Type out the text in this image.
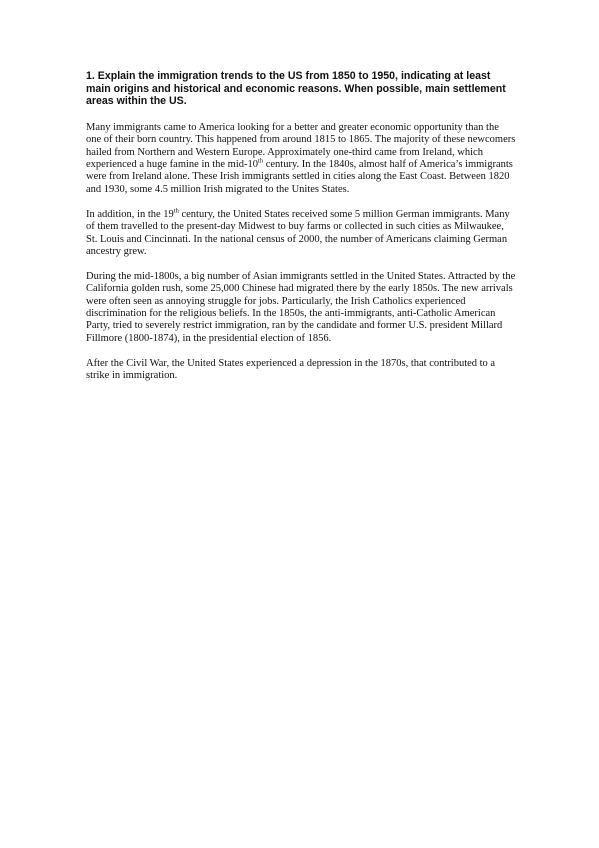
1. Explain the immigration trends to the US from 1850 to 1950, indicating at least main origins and historical and economic reasons. When possible, main settlement areas within the US.

Many immigrants came to America looking for a better and greater economic opportunity than the one of their born country. This happened from around 1815 to 1865. The majority of these newcomers hailed from Northern and Western Europe. Approximately one-third came from Ireland, which experienced a huge famine in the mid-10th century. In the 1840s, almost half of America’s immigrants were from Ireland alone. These Irish immigrants settled in cities along the East Coast. Between 1820 and 1930, some 4.5 million Irish migrated to the Unites States.

In addition, in the 19th century, the United States received some 5 million German immigrants. Many of them travelled to the present-day Midwest to buy farms or collected in such cities as Milwaukee, St. Louis and Cincinnati. In the national census of 2000, the number of Americans claiming German ancestry grew.

During the mid-1800s, a big number of Asian immigrants settled in the United States. Attracted by the California golden rush, some 25,000 Chinese had migrated there by the early 1850s. The new arrivals were often seen as annoying struggle for jobs. Particularly, the Irish Catholics experienced discrimination for the religious beliefs. In the 1850s, the anti-immigrants, anti-Catholic American Party, tried to severely restrict immigration, ran by the candidate and former U.S. president Millard Fillmore (1800-1874), in the presidential election of 1856.

After the Civil War, the United States experienced a depression in the 1870s, that contributed to a strike in immigration.
